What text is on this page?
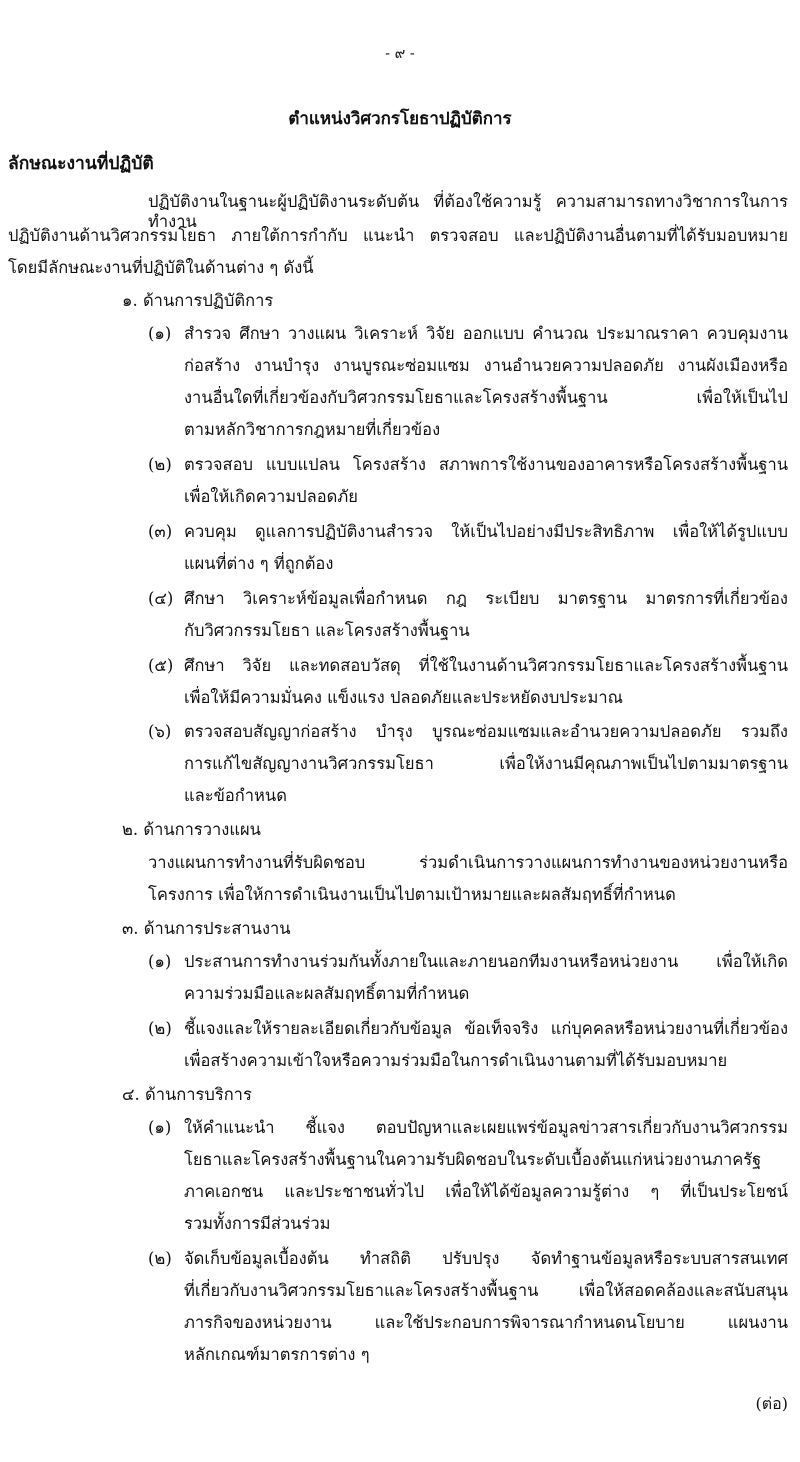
- ๙ -
ตำแหน่งวิศวกรโยธาปฏิบัติการ
ลักษณะงานที่ปฏิบัติ
ปฏิบัติงานในฐานะผู้ปฏิบัติงานระดับต้น ที่ต้องใช้ความรู้ ความสามารถทางวิชาการในการทำงาน
ปฏิบัติงานด้านวิศวกรรมโยธา ภายใต้การกำกับ แนะนำ ตรวจสอบ และปฏิบัติงานอื่นตามที่ได้รับมอบหมาย
โดยมีลักษณะงานที่ปฏิบัติในด้านต่าง ๆ ดังนี้
๑. ด้านการปฏิบัติการ
(๑) สำรวจ ศึกษา วางแผน วิเคราะห์ วิจัย ออกแบบ คำนวณ ประมาณราคา ควบคุมงาน
ก่อสร้าง งานบำรุง งานบูรณะซ่อมแซม งานอำนวยความปลอดภัย งานผังเมืองหรือ
งานอื่นใดที่เกี่ยวข้องกับวิศวกรรมโยธาและโครงสร้างพื้นฐาน เพื่อให้เป็นไป
ตามหลักวิชาการกฎหมายที่เกี่ยวข้อง
(๒) ตรวจสอบ แบบแปลน โครงสร้าง สภาพการใช้งานของอาคารหรือโครงสร้างพื้นฐาน
เพื่อให้เกิดความปลอดภัย
(๓) ควบคุม ดูแลการปฏิบัติงานสำรวจ ให้เป็นไปอย่างมีประสิทธิภาพ เพื่อให้ได้รูปแบบ
แผนที่ต่าง ๆ ที่ถูกต้อง
(๔) ศึกษา วิเคราะห์ข้อมูลเพื่อกำหนด กฎ ระเบียบ มาตรฐาน มาตรการที่เกี่ยวข้อง
กับวิศวกรรมโยธา และโครงสร้างพื้นฐาน
(๕) ศึกษา วิจัย และทดสอบวัสดุ ที่ใช้ในงานด้านวิศวกรรมโยธาและโครงสร้างพื้นฐาน
เพื่อให้มีความมั่นคง แข็งแรง ปลอดภัยและประหยัดงบประมาณ
(๖) ตรวจสอบสัญญาก่อสร้าง บำรุง บูรณะซ่อมแซมและอำนวยความปลอดภัย รวมถึง
การแก้ไขสัญญางานวิศวกรรมโยธา เพื่อให้งานมีคุณภาพเป็นไปตามมาตรฐาน
และข้อกำหนด
๒. ด้านการวางแผน
วางแผนการทำงานที่รับผิดชอบ ร่วมดำเนินการวางแผนการทำงานของหน่วยงานหรือ
โครงการ เพื่อให้การดำเนินงานเป็นไปตามเป้าหมายและผลสัมฤทธิ์ที่กำหนด
๓. ด้านการประสานงาน
(๑) ประสานการทำงานร่วมกันทั้งภายในและภายนอกทีมงานหรือหน่วยงาน เพื่อให้เกิด
ความร่วมมือและผลสัมฤทธิ์ตามที่กำหนด
(๒) ชี้แจงและให้รายละเอียดเกี่ยวกับข้อมูล ข้อเท็จจริง แก่บุคคลหรือหน่วยงานที่เกี่ยวข้อง
เพื่อสร้างความเข้าใจหรือความร่วมมือในการดำเนินงานตามที่ได้รับมอบหมาย
๔. ด้านการบริการ
(๑) ให้คำแนะนำ ชี้แจง ตอบปัญหาและเผยแพร่ข้อมูลข่าวสารเกี่ยวกับงานวิศวกรรม
โยธาและโครงสร้างพื้นฐานในความรับผิดชอบในระดับเบื้องต้นแก่หน่วยงานภาครัฐ
ภาคเอกชน และประชาชนทั่วไป เพื่อให้ได้ข้อมูลความรู้ต่าง ๆ ที่เป็นประโยชน์
รวมทั้งการมีส่วนร่วม
(๒) จัดเก็บข้อมูลเบื้องต้น ทำสถิติ ปรับปรุง จัดทำฐานข้อมูลหรือระบบสารสนเทศ
ที่เกี่ยวกับงานวิศวกรรมโยธาและโครงสร้างพื้นฐาน เพื่อให้สอดคล้องและสนับสนุน
ภารกิจของหน่วยงาน และใช้ประกอบการพิจารณากำหนดนโยบาย แผนงาน
หลักเกณฑ์มาตรการต่าง ๆ
(ต่อ)
